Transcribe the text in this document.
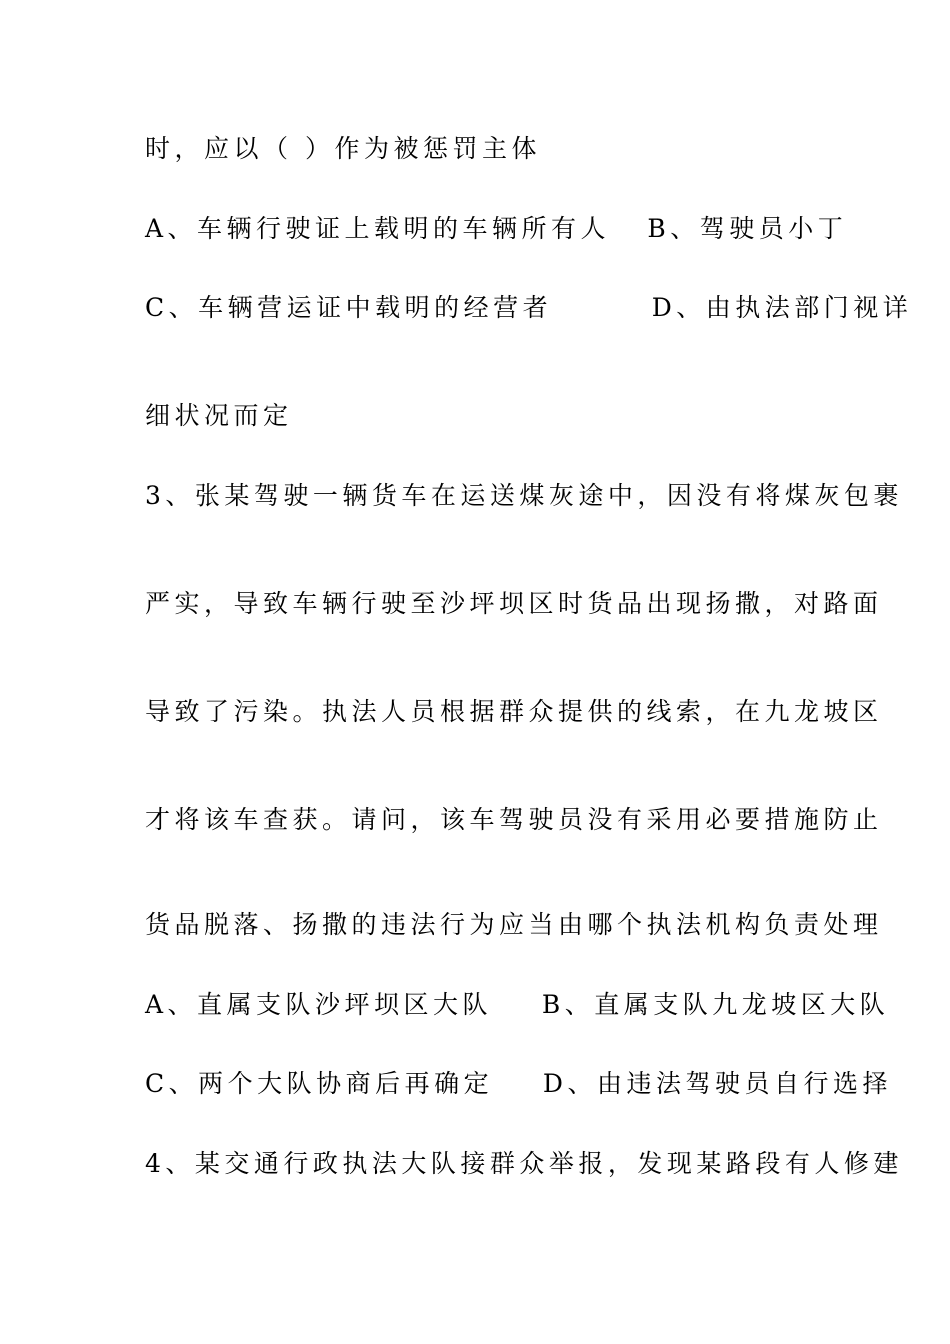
时，应以（ ）作为被惩罚主体
A、车辆行驶证上载明的车辆所有人   B、驾驶员小丁
C、车辆营运证中载明的经营者        D、由执法部门视详
细状况而定
3、张某驾驶一辆货车在运送煤灰途中，因没有将煤灰包裹
严实，导致车辆行驶至沙坪坝区时货品出现扬撒，对路面
导致了污染。执法人员根据群众提供的线索，在九龙坡区
才将该车查获。请问，该车驾驶员没有采用必要措施防止
货品脱落、扬撒的违法行为应当由哪个执法机构负责处理
A、直属支队沙坪坝区大队    B、直属支队九龙坡区大队
C、两个大队协商后再确定    D、由违法驾驶员自行选择
4、某交通行政执法大队接群众举报，发现某路段有人修建
